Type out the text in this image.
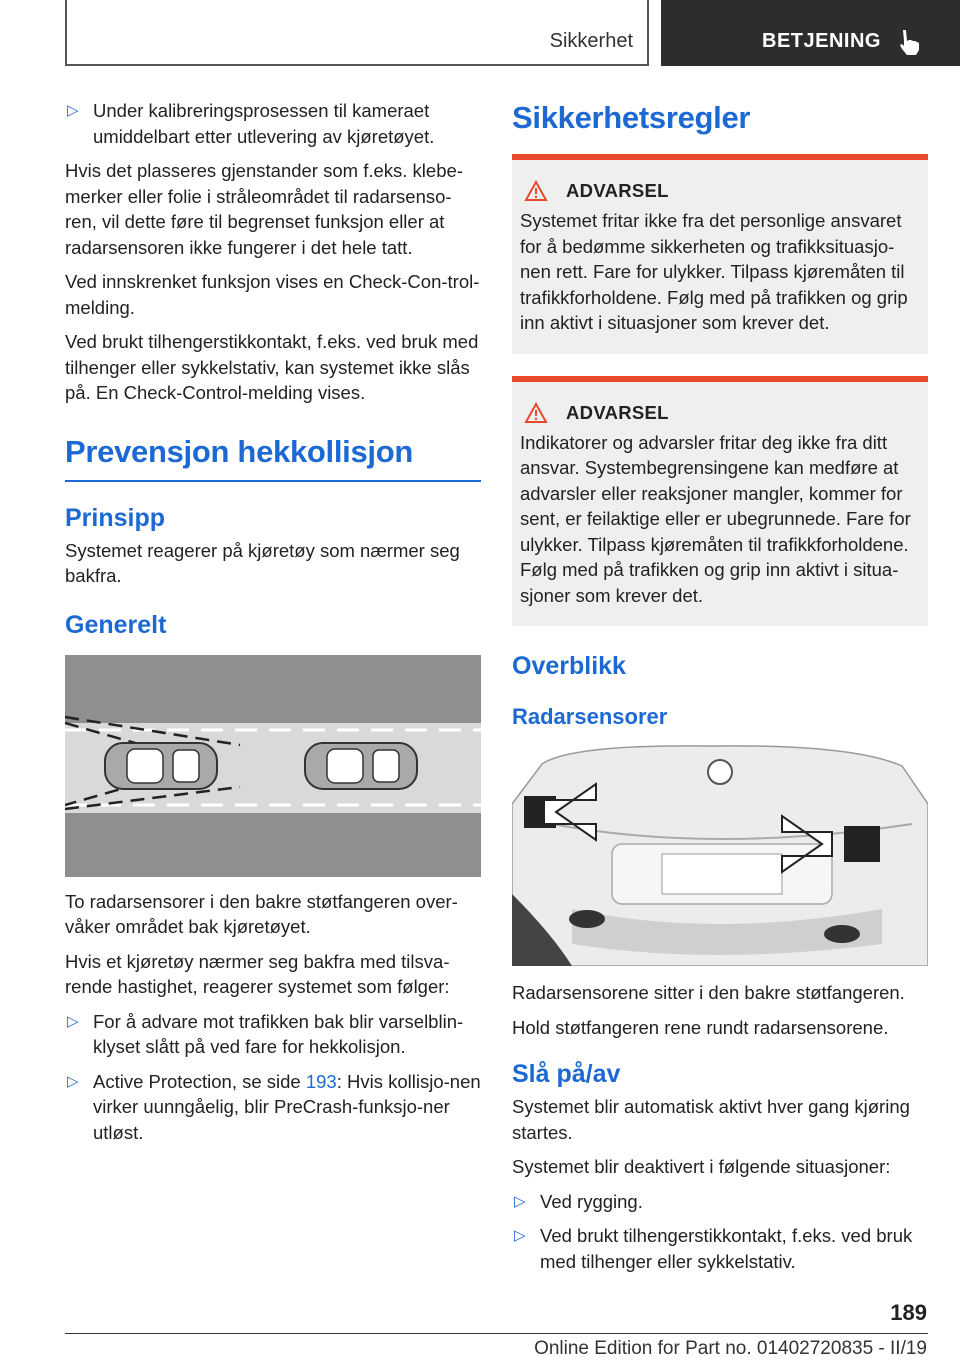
Sikkerhet	BETJENING
▷ Under kalibreringsprosessen til kameraet umiddelbart etter utlevering av kjøretøyet.

Hvis det plasseres gjenstander som f.eks. klebe-merker eller folie i stråleområdet til radarsenso-ren, vil dette føre til begrenset funksjon eller at radarsensoren ikke fungerer i det hele tatt.

Ved innskrenket funksjon vises en Check-Con-trol-melding.

Ved brukt tilhengerstikkontakt, f.eks. ved bruk med tilhenger eller sykkelstativ, kan systemet ikke slås på. En Check-Control-melding vises.

Prevensjon hekkollisjon
Prinsipp

Systemet reagerer på kjøretøy som nærmer seg bakfra.

Generelt

To radarsensorer i den bakre støtfangeren over-våker området bak kjøretøyet.

Hvis et kjøretøy nærmer seg bakfra med tilsva-rende hastighet, reagerer systemet som følger:

▷ For å advare mot trafikken bak blir varselblin-klyset slått på ved fare for hekkolisjon.
▷ Active Protection, se side 193: Hvis kollisjo-nen virker uunngåelig, blir PreCrash-funksjo-ner utløst.
Sikkerhetsregler
ADVARSEL

Systemet fritar ikke fra det personlige ansvaret for å bedømme sikkerheten og trafikksituasjo-nen rett. Fare for ulykker. Tilpass kjøremåten til trafikkforholdene. Følg med på trafikken og grip inn aktivt i situasjoner som krever det.

ADVARSEL

Indikatorer og advarsler fritar deg ikke fra ditt ansvar. Systembegrensingene kan medføre at advarsler eller reaksjoner mangler, kommer for sent, er feilaktige eller er ubegrunnede. Fare for ulykker. Tilpass kjøremåten til trafikkforholdene. Følg med på trafikken og grip inn aktivt i situa-sjoner som krever det.

Overblikk
Radarsensorer

Radarsensorene sitter i den bakre støtfangeren.

Hold støtfangeren rene rundt radarsensorene.

Slå på/av

Systemet blir automatisk aktivt hver gang kjøring startes.

Systemet blir deaktivert i følgende situasjoner:

▷ Ved rygging.
▷ Ved brukt tilhengerstikkontakt, f.eks. ved bruk med tilhenger eller sykkelstativ.
189
Online Edition for Part no. 01402720835 - II/19
